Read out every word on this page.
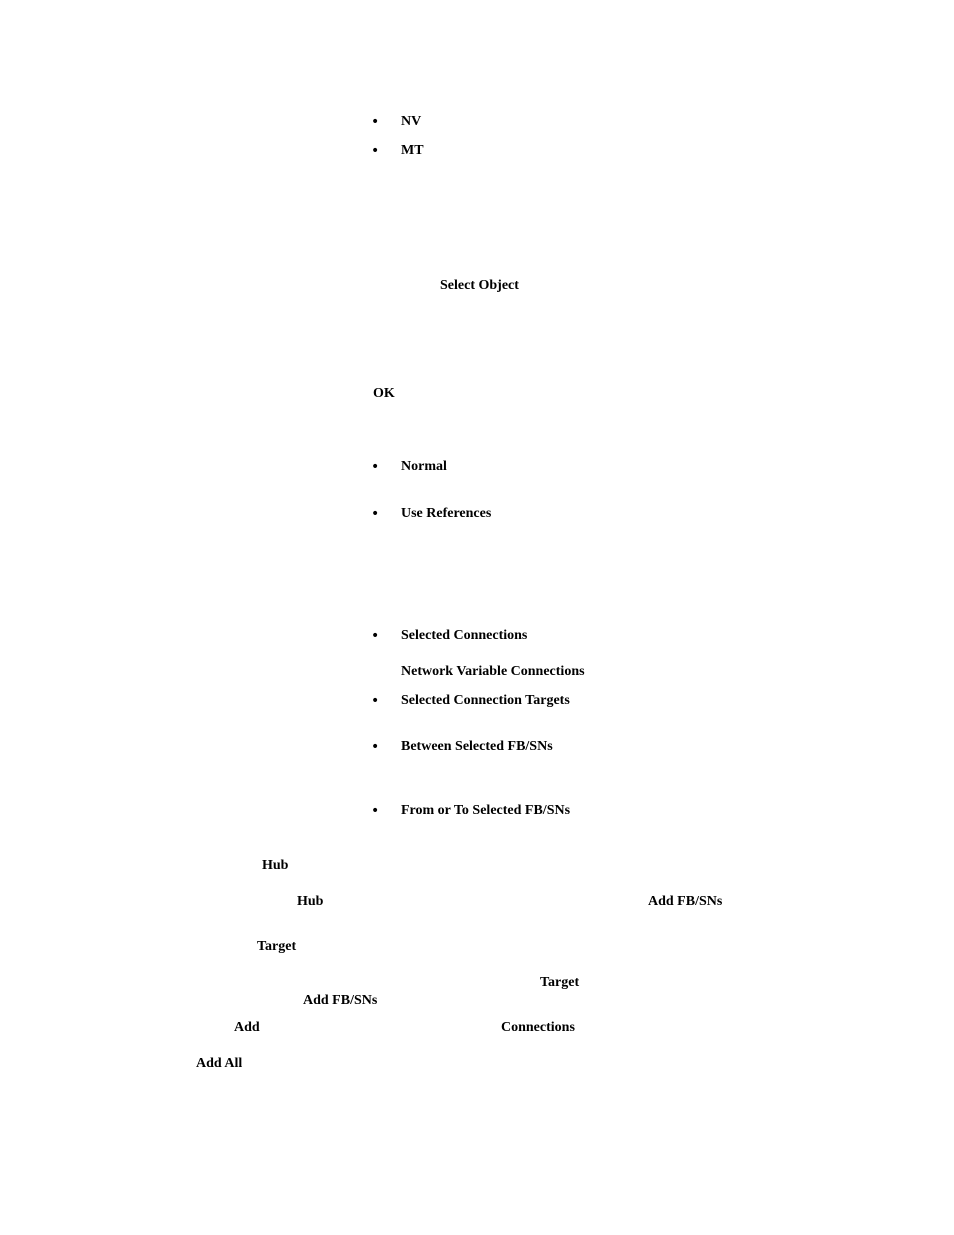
• NV
• MT
Select Object
OK
• Normal
• Use References
• Selected Connections
Network Variable Connections
• Selected Connection Targets
• Between Selected FB/SNs
• From or To Selected FB/SNs
Hub
Hub	Add FB/SNs
Target
Target
Add FB/SNs
Add	Connections
Add All
